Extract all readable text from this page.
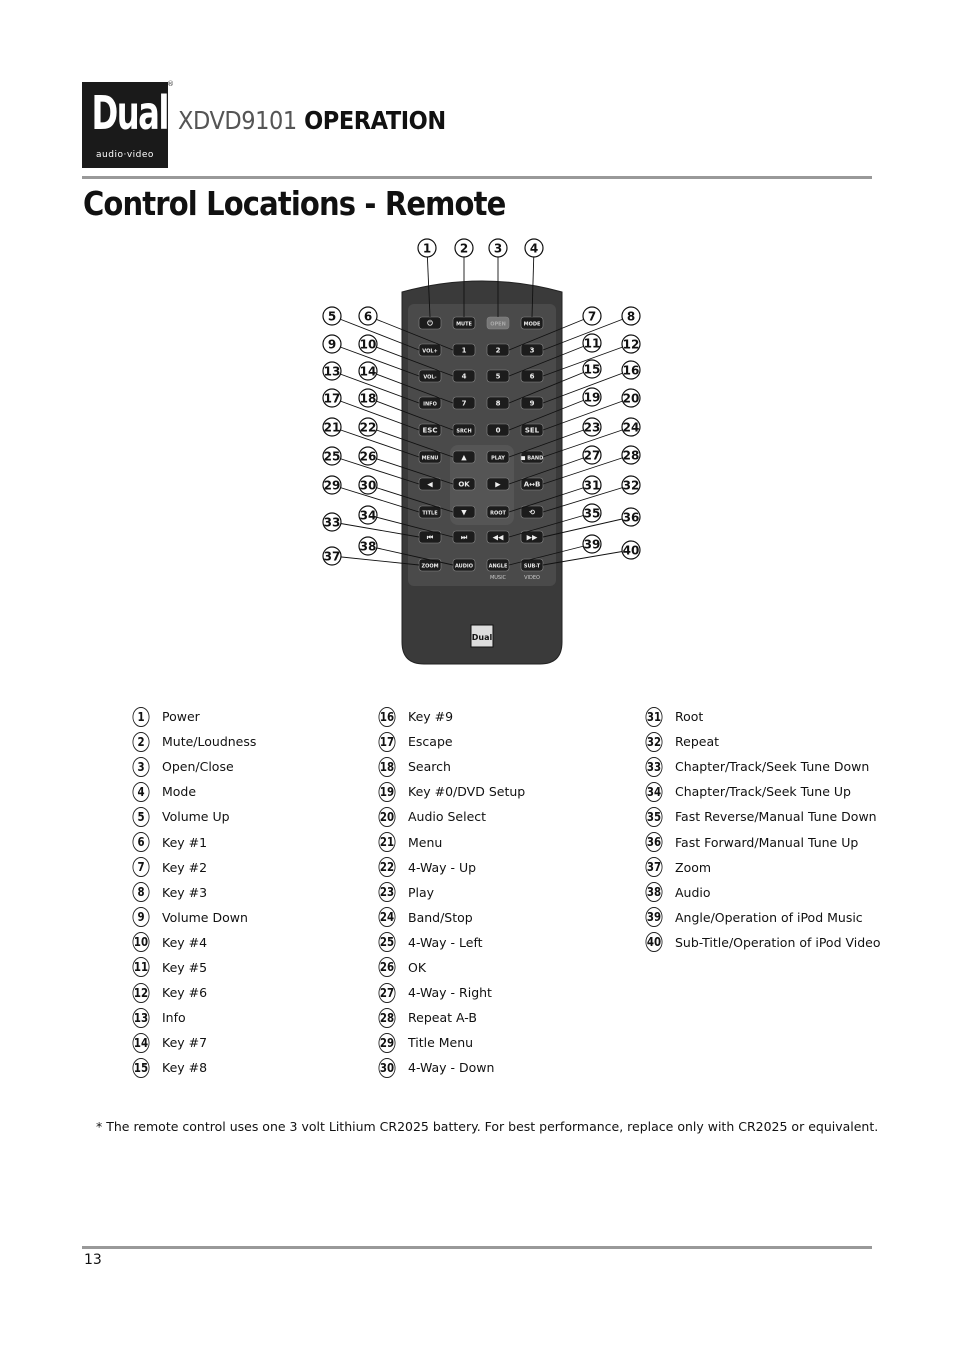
Dual
audio·video
®
XDVD9101 OPERATION
Control Locations - Remote
⏻	MUTE	OPEN	MODE
VOL+	1	2	3
VOL-	4	5	6
INFO	7	8	9
ESC	SRCH	0	SEL
MENU	▲	PLAY	■ BAND
◀	OK	▶	A↔B
TITLE	▼	ROOT	⟲
⏮	⏭	◀◀	▶▶
ZOOM	AUDIO	ANGLE	SUB-T
MUSIC	VIDEO
Dual
1 2 3 4
5 6	7	8
9 10	11 12
13 14	15 16
17 18	19 20
21 22	23 24
25 26	27 28
29 30	31 32
33 34	35 36
37
38	39 40
1	Power
2	Mute/Loudness
3	Open/Close
4	Mode
5	Volume Up
6	Key #1
7	Key #2
8	Key #3
9	Volume Down
10 Key #4
11 Key #5
12 Key #6
13 Info
14 Key #7
15 Key #8
16 Key #9
17 Escape
18 Search
19 Key #0/DVD Setup
20 Audio Select
21 Menu
22 4-Way - Up
23 Play
24 Band/Stop
25 4-Way - Left
26 OK
27 4-Way - Right
28 Repeat A-B
29 Title Menu
30 4-Way - Down
31 Root
32 Repeat
33 Chapter/Track/Seek Tune Down
34 Chapter/Track/Seek Tune Up
35 Fast Reverse/Manual Tune Down
36 Fast Forward/Manual Tune Up
37 Zoom
38 Audio
39 Angle/Operation of iPod Music
40 Sub-Title/Operation of iPod Video
* The remote control uses one 3 volt Lithium CR2025 battery. For best performance, replace only with CR2025 or equivalent.
13
